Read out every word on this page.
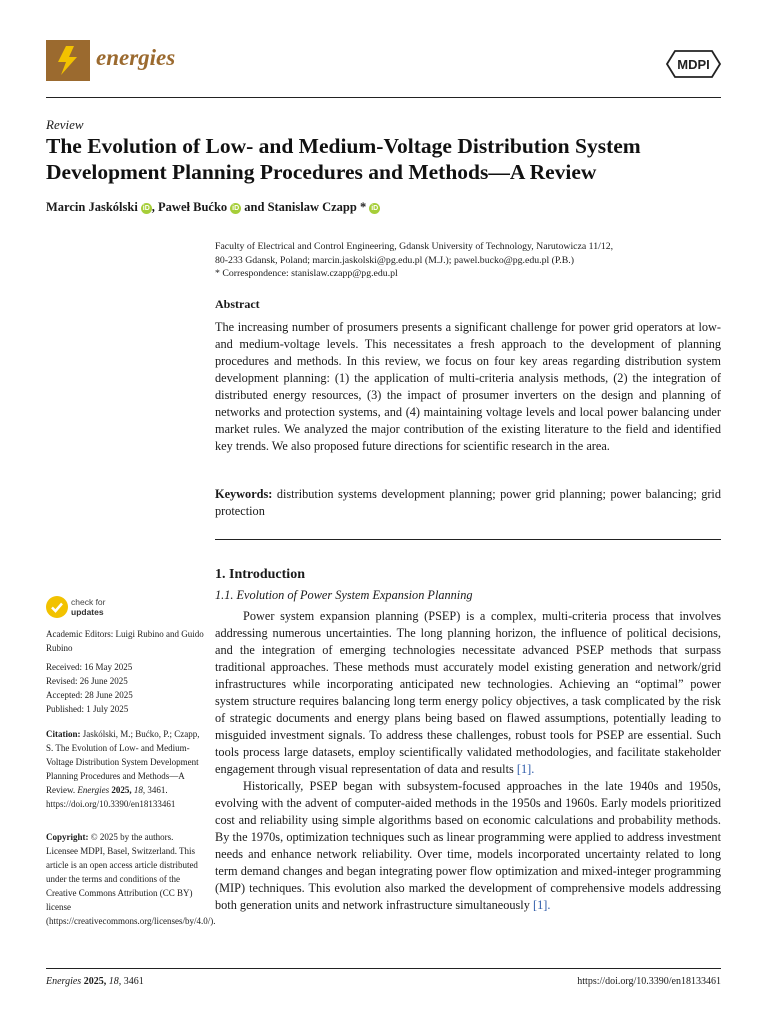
energies	MDPI
Review
The Evolution of Low- and Medium-Voltage Distribution System Development Planning Procedures and Methods—A Review
Marcin Jaskólski iD , Paweł Bućko iD and Stanislaw Czapp * iD
Faculty of Electrical and Control Engineering, Gdansk University of Technology, Narutowicza 11/12,
80-233 Gdansk, Poland; marcin.jaskolski@pg.edu.pl (M.J.); pawel.bucko@pg.edu.pl (P.B.)
* Correspondence: stanislaw.czapp@pg.edu.pl
Abstract
The increasing number of prosumers presents a significant challenge for power grid operators at low- and medium-voltage levels. This necessitates a fresh approach to the development of planning procedures and methods. In this review, we focus on four key areas regarding distribution system development planning: (1) the application of multi-criteria analysis methods, (2) the integration of distributed energy resources, (3) the impact of prosumer inverters on the design and planning of networks and protection systems, and (4) maintaining voltage levels and local power balancing under market rules. We analyzed the major contribution of the existing literature to the field and identified key trends. We also proposed future directions for scientific research in the area.
Keywords: distribution systems development planning; power grid planning; power balancing; grid protection
check for
updates
Academic Editors: Luigi Rubino and Guido Rubino
Received: 16 May 2025
Revised: 26 June 2025
Accepted: 28 June 2025
Published: 1 July 2025
Citation: Jaskólski, M.; Bućko, P.; Czapp, S. The Evolution of Low- and Medium-Voltage Distribution System Development Planning Procedures and Methods—A Review. Energies 2025, 18, 3461. https://doi.org/10.3390/en18133461
Copyright: © 2025 by the authors. Licensee MDPI, Basel, Switzerland. This article is an open access article distributed under the terms and conditions of the Creative Commons Attribution (CC BY) license (https://creativecommons.org/licenses/by/4.0/).
1. Introduction
1.1. Evolution of Power System Expansion Planning

Power system expansion planning (PSEP) is a complex, multi-criteria process that involves addressing numerous uncertainties. The long planning horizon, the influence of political decisions, and the integration of emerging technologies necessitate advanced PSEP methods that surpass traditional approaches. These methods must accurately model existing generation and network/grid infrastructures while incorporating anticipated new technologies. Achieving an “optimal” power system structure requires balancing long term energy policy objectives, a task complicated by the risk of strategic documents and energy plans being based on flawed assumptions, potentially leading to misguided investment signals. To address these challenges, robust tools for PSEP are essential. Such tools process large datasets, employ scientifically validated methodologies, and facilitate stakeholder engagement through visual representation of data and results [1].

Historically, PSEP began with subsystem-focused approaches in the late 1940s and 1950s, evolving with the advent of computer-aided methods in the 1950s and 1960s. Early models prioritized cost and reliability using simple algorithms based on economic calculations and probability methods. By the 1970s, optimization techniques such as linear programming were applied to address investment needs and enhance network reliability. Over time, models incorporated uncertainty related to long term demand changes and began integrating power flow optimization and mixed-integer programming (MIP) techniques. This evolution also marked the development of comprehensive models addressing both generation units and network infrastructure simultaneously [1].

Energies 2025, 18, 3461	https://doi.org/10.3390/en18133461
